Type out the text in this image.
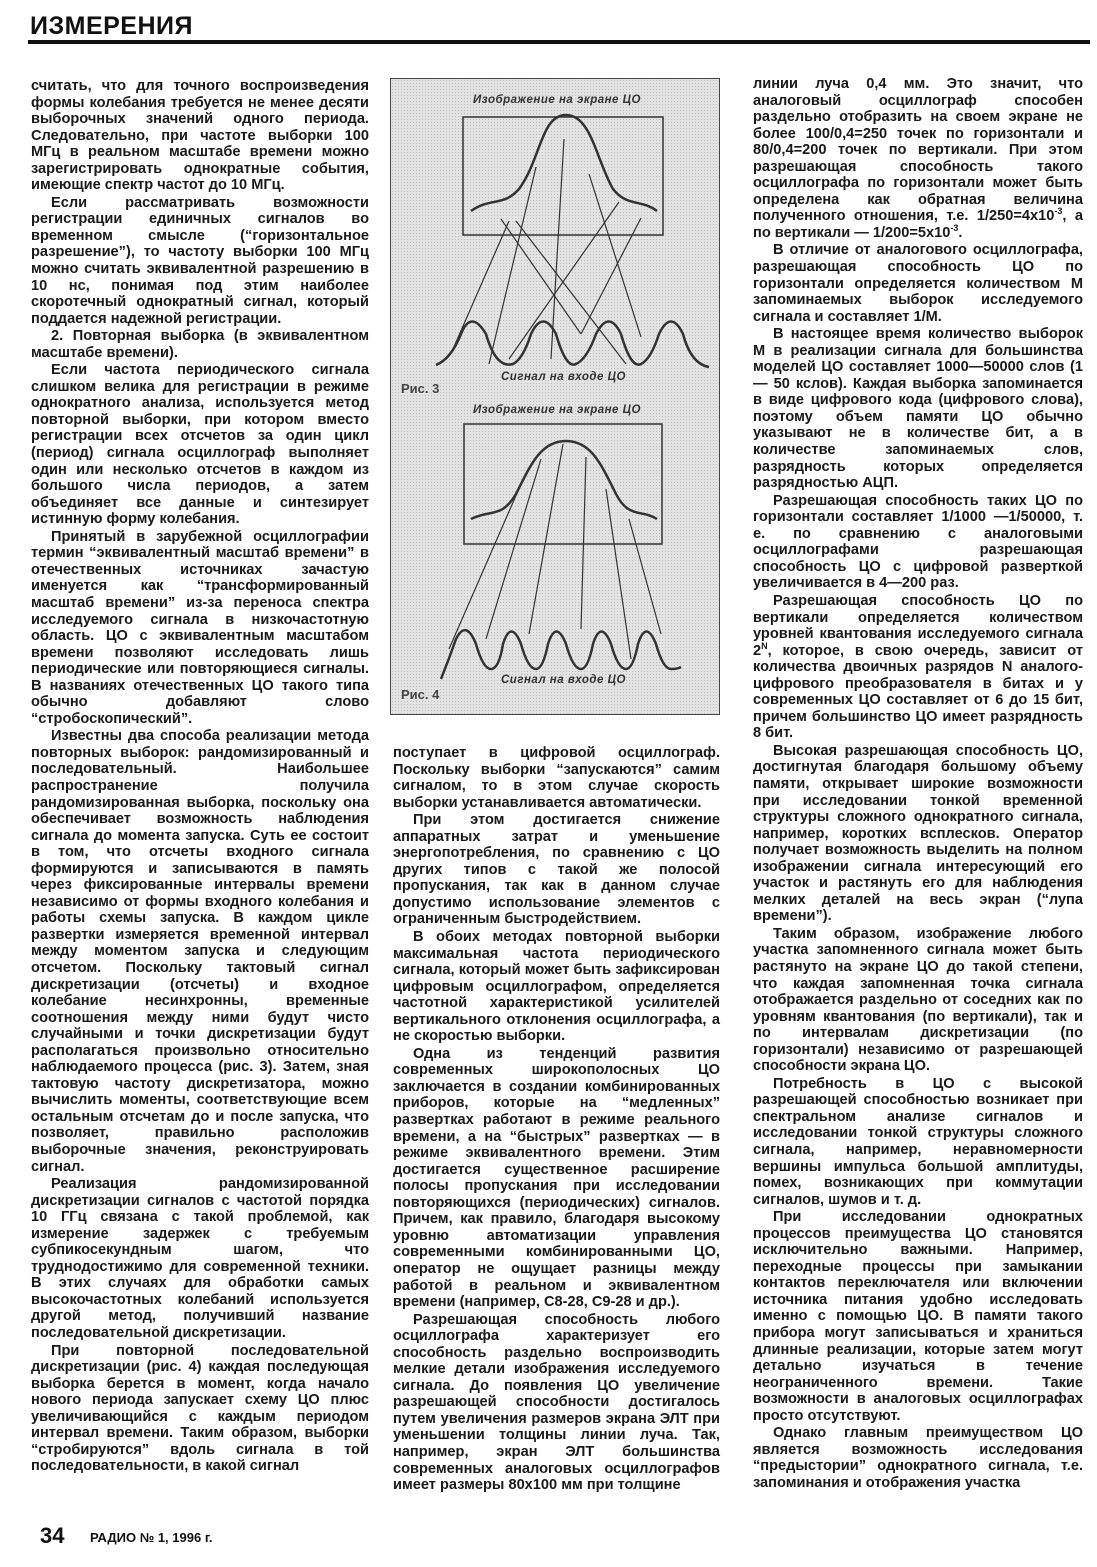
ИЗМЕРЕНИЯ

считать, что для точного воспроизведения формы колебания требуется не менее десяти выборочных значений одного периода. Следовательно, при частоте выборки 100 МГц в реальном масштабе времени можно зарегистрировать однократные события, имеющие спектр частот до 10 МГц.

Если рассматривать возможности регистрации единичных сигналов во временном смысле (“горизонтальное разрешение”), то частоту выборки 100 МГц можно считать эквивалентной разрешению в 10 нс, понимая под этим наиболее скоротечный однократный сигнал, который поддается надежной регистрации.

2. Повторная выборка (в эквивалентном масштабе времени).

Если частота периодического сигнала слишком велика для регистрации в режиме однократного анализа, используется метод повторной выборки, при котором вместо регистрации всех отсчетов за один цикл (период) сигнала осциллограф выполняет один или несколько отсчетов в каждом из большого числа периодов, а затем объединяет все данные и синтезирует истинную форму колебания.

Принятый в зарубежной осциллографии термин “эквивалентный масштаб времени” в отечественных источниках зачастую именуется как “трансформированный масштаб времени” из-за переноса спектра исследуемого сигнала в низкочастотную область. ЦО с эквивалентным масштабом времени позволяют исследовать лишь периодические или повторяющиеся сигналы. В названиях отечественных ЦО такого типа обычно добавляют слово “стробоскопический”.

Известны два способа реализации метода повторных выборок: рандомизированный и последовательный. Наибольшее распространение получила рандомизированная выборка, поскольку она обеспечивает возможность наблюдения сигнала до момента запуска. Суть ее состоит в том, что отсчеты входного сигнала формируются и записываются в память через фиксированные интервалы времени независимо от формы входного колебания и работы схемы запуска. В каждом цикле развертки измеряется временной интервал между моментом запуска и следующим отсчетом. Поскольку тактовый сигнал дискретизации (отсчеты) и входное колебание несинхронны, временные соотношения между ними будут чисто случайными и точки дискретизации будут располагаться произвольно относительно наблюдаемого процесса (рис. 3). Затем, зная тактовую частоту дискретизатора, можно вычислить моменты, соответствующие всем остальным отсчетам до и после запуска, что позволяет, правильно расположив выборочные значения, реконструировать сигнал.

Реализация рандомизированной дискретизации сигналов с частотой порядка 10 ГГц связана с такой проблемой, как измерение задержек с требуемым субпикосекундным шагом, что труднодостижимо для современной техники. В этих случаях для обработки самых высокочастотных колебаний используется другой метод, получивший название последовательной дискретизации.

При повторной последовательной дискретизации (рис. 4) каждая последующая выборка берется в момент, когда начало нового периода запускает схему ЦО плюс увеличивающийся с каждым периодом интервал времени. Таким образом, выборки “стробируются” вдоль сигнала в той последовательности, в какой сигнал

Изображение на экране ЦО
Сигнал на входе ЦО
Рис. 3
Изображение на экране ЦО
Сигнал на входе ЦО
Рис. 4

поступает в цифровой осциллограф. Поскольку выборки “запускаются” самим сигналом, то в этом случае скорость выборки устанавливается автоматически.

При этом достигается снижение аппаратных затрат и уменьшение энергопотребления, по сравнению с ЦО других типов с такой же полосой пропускания, так как в данном случае допустимо использование элементов с ограниченным быстродействием.

В обоих методах повторной выборки максимальная частота периодического сигнала, который может быть зафиксирован цифровым осциллографом, определяется частотной характеристикой усилителей вертикального отклонения осциллографа, а не скоростью выборки.

Одна из тенденций развития современных широкополосных ЦО заключается в создании комбинированных приборов, которые на “медленных” развертках работают в режиме реального времени, а на “быстрых” развертках — в режиме эквивалентного времени. Этим достигается существенное расширение полосы пропускания при исследовании повторяющихся (периодических) сигналов. Причем, как правило, благодаря высокому уровню автоматизации управления современными комбинированными ЦО, оператор не ощущает разницы между работой в реальном и эквивалентном времени (например, С8-28, С9-28 и др.).

Разрешающая способность любого осциллографа характеризует его способность раздельно воспроизводить мелкие детали изображения исследуемого сигнала. До появления ЦО увеличение разрешающей способности достигалось путем увеличения размеров экрана ЭЛТ при уменьшении толщины линии луча. Так, например, экран ЭЛТ большинства современных аналоговых осциллографов имеет размеры 80х100 мм при толщине

линии луча 0,4 мм. Это значит, что аналоговый осциллограф способен раздельно отобразить на своем экране не более 100/0,4=250 точек по горизонтали и 80/0,4=200 точек по вертикали. При этом разрешающая способность такого осциллографа по горизонтали может быть определена как обратная величина полученного отношения, т.е. $1/250=4х10^{-3}$, а по вертикали — $1/200=5х10^{-3}$.

В отличие от аналогового осциллографа, разрешающая способность ЦО по горизонтали определяется количеством М запоминаемых выборок исследуемого сигнала и составляет 1/М.

В настоящее время количество выборок М в реализации сигнала для большинства моделей ЦО составляет 1000—50000 слов (1 — 50 кслов). Каждая выборка запоминается в виде цифрового кода (цифрового слова), поэтому объем памяти ЦО обычно указывают не в количестве бит, а в количестве запоминаемых слов, разрядность которых определяется разрядностью АЦП.

Разрешающая способность таких ЦО по горизонтали составляет 1/1000 —1/50000, т. е. по сравнению с аналоговыми осциллографами разрешающая способность ЦО с цифровой разверткой увеличивается в 4—200 раз.

Разрешающая способность ЦО по вертикали определяется количеством уровней квантования исследуемого сигнала $2^N$, которое, в свою очередь, зависит от количества двоичных разрядов N аналого-цифрового преобразователя в битах и у современных ЦО составляет от 6 до 15 бит, причем большинство ЦО имеет разрядность 8 бит.

Высокая разрешающая способность ЦО, достигнутая благодаря большому объему памяти, открывает широкие возможности при исследовании тонкой временной структуры сложного однократного сигнала, например, коротких всплесков. Оператор получает возможность выделить на полном изображении сигнала интересующий его участок и растянуть его для наблюдения мелких деталей на весь экран (“лупа времени”).

Таким образом, изображение любого участка запомненного сигнала может быть растянуто на экране ЦО до такой степени, что каждая запомненная точка сигнала отображается раздельно от соседних как по уровням квантования (по вертикали), так и по интервалам дискретизации (по горизонтали) независимо от разрешающей способности экрана ЦО.

Потребность в ЦО с высокой разрешающей способностью возникает при спектральном анализе сигналов и исследовании тонкой структуры сложного сигнала, например, неравномерности вершины импульса большой амплитуды, помех, возникающих при коммутации сигналов, шумов и т. д.

При исследовании однократных процессов преимущества ЦО становятся исключительно важными. Например, переходные процессы при замыкании контактов переключателя или включении источника питания удобно исследовать именно с помощью ЦО. В памяти такого прибора могут записываться и храниться длинные реализации, которые затем могут детально изучаться в течение неограниченного времени. Такие возможности в аналоговых осциллографах просто отсутствуют.

Однако главным преимуществом ЦО является возможность исследования “предыстории” однократного сигнала, т.е. запоминания и отображения участка

34 РАДИО № 1, 1996 г.
